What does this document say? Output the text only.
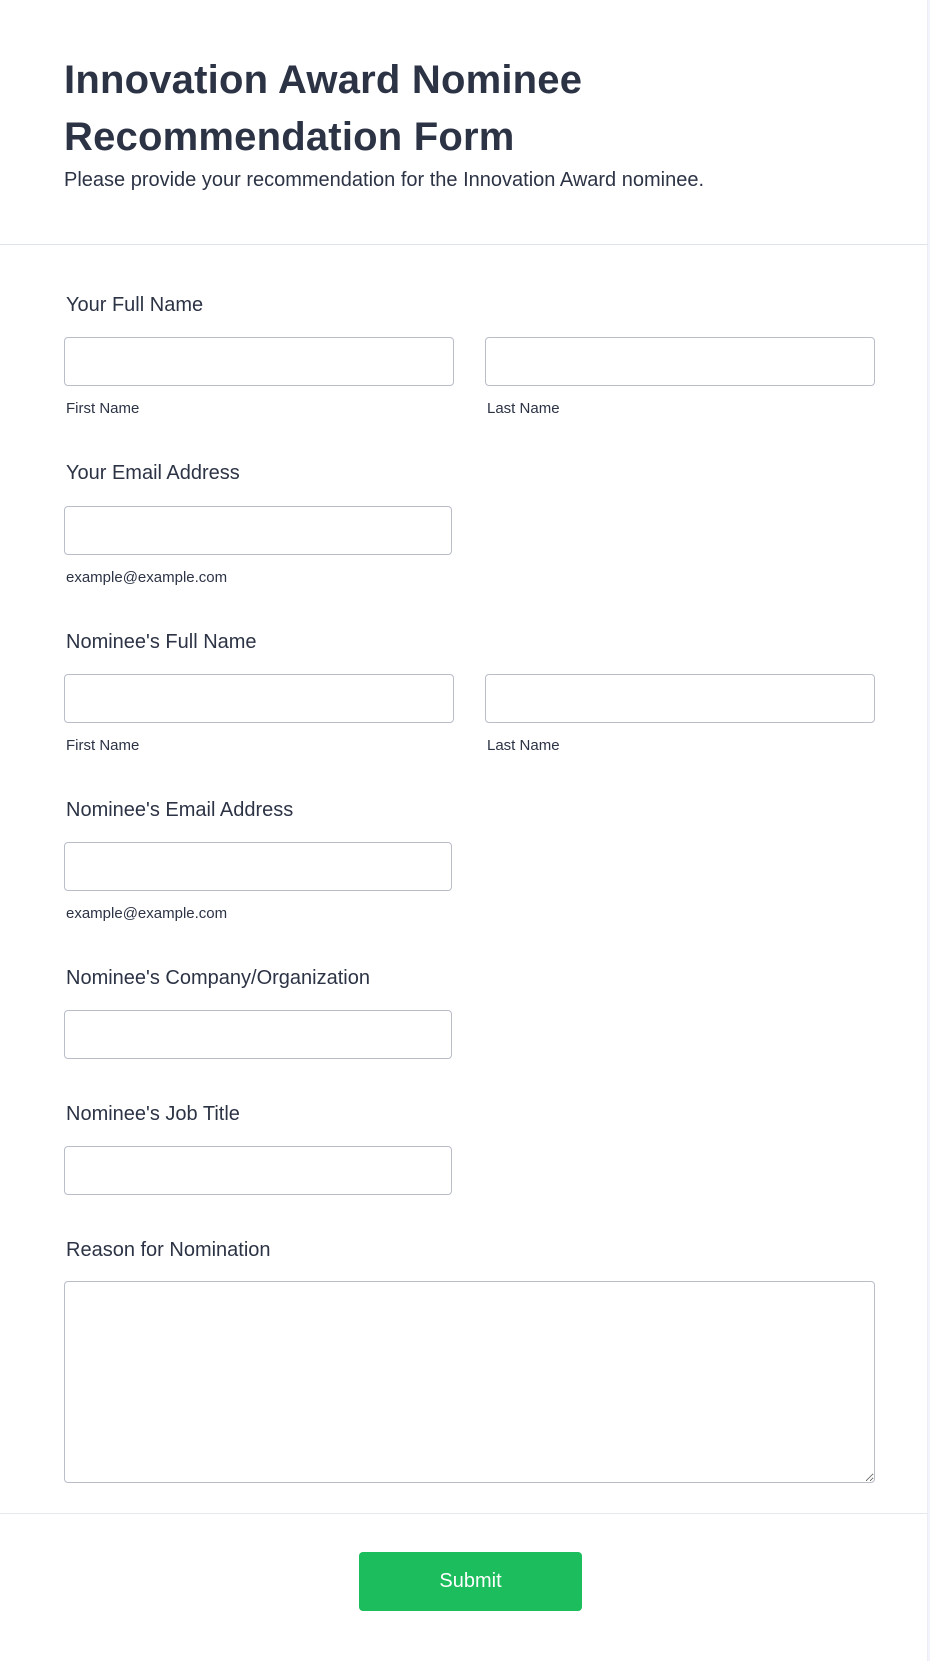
Innovation Award Nominee Recommendation Form

Please provide your recommendation for the Innovation Award nominee.

Your Full Name
First Name	Last Name
Your Email Address
example@example.com
Nominee's Full Name
First Name	Last Name
Nominee's Email Address
example@example.com
Nominee's Company/Organization
Nominee's Job Title
Reason for Nomination
Submit
